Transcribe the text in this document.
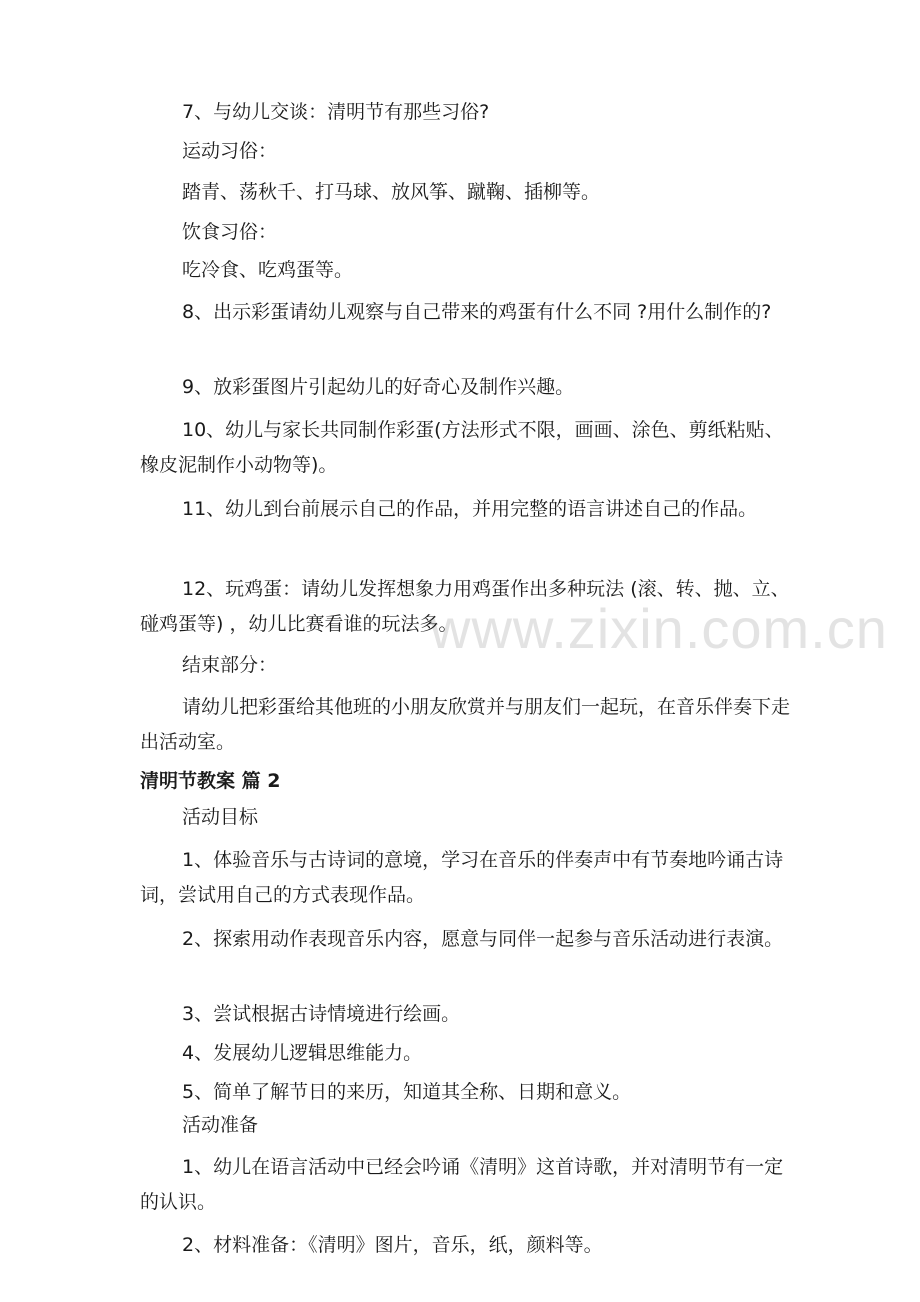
www.zixin.com.cn

7、与幼儿交谈：清明节有那些习俗?

运动习俗：

踏青、荡秋千、打马球、放风筝、蹴鞠、插柳等。

饮食习俗：

吃冷食、吃鸡蛋等。

8、出示彩蛋请幼儿观察与自己带来的鸡蛋有什么不同 ?用什么制作的?

9、放彩蛋图片引起幼儿的好奇心及制作兴趣。

10、幼儿与家长共同制作彩蛋(方法形式不限，画画、涂色、剪纸粘贴、橡皮泥制作小动物等)。

11、幼儿到台前展示自己的作品，并用完整的语言讲述自己的作品。

12、玩鸡蛋：请幼儿发挥想象力用鸡蛋作出多种玩法 (滚、转、抛、立、碰鸡蛋等) ，幼儿比赛看谁的玩法多。

结束部分：

请幼儿把彩蛋给其他班的小朋友欣赏并与朋友们一起玩，在音乐伴奏下走出活动室。

清明节教案 篇 2

活动目标

1、体验音乐与古诗词的意境，学习在音乐的伴奏声中有节奏地吟诵古诗词，尝试用自己的方式表现作品。

2、探索用动作表现音乐内容，愿意与同伴一起参与音乐活动进行表演。

3、尝试根据古诗情境进行绘画。

4、发展幼儿逻辑思维能力。

5、简单了解节日的来历，知道其全称、日期和意义。

活动准备

1、幼儿在语言活动中已经会吟诵《清明》这首诗歌，并对清明节有一定的认识。

2、材料准备：《清明》图片，音乐，纸，颜料等。
